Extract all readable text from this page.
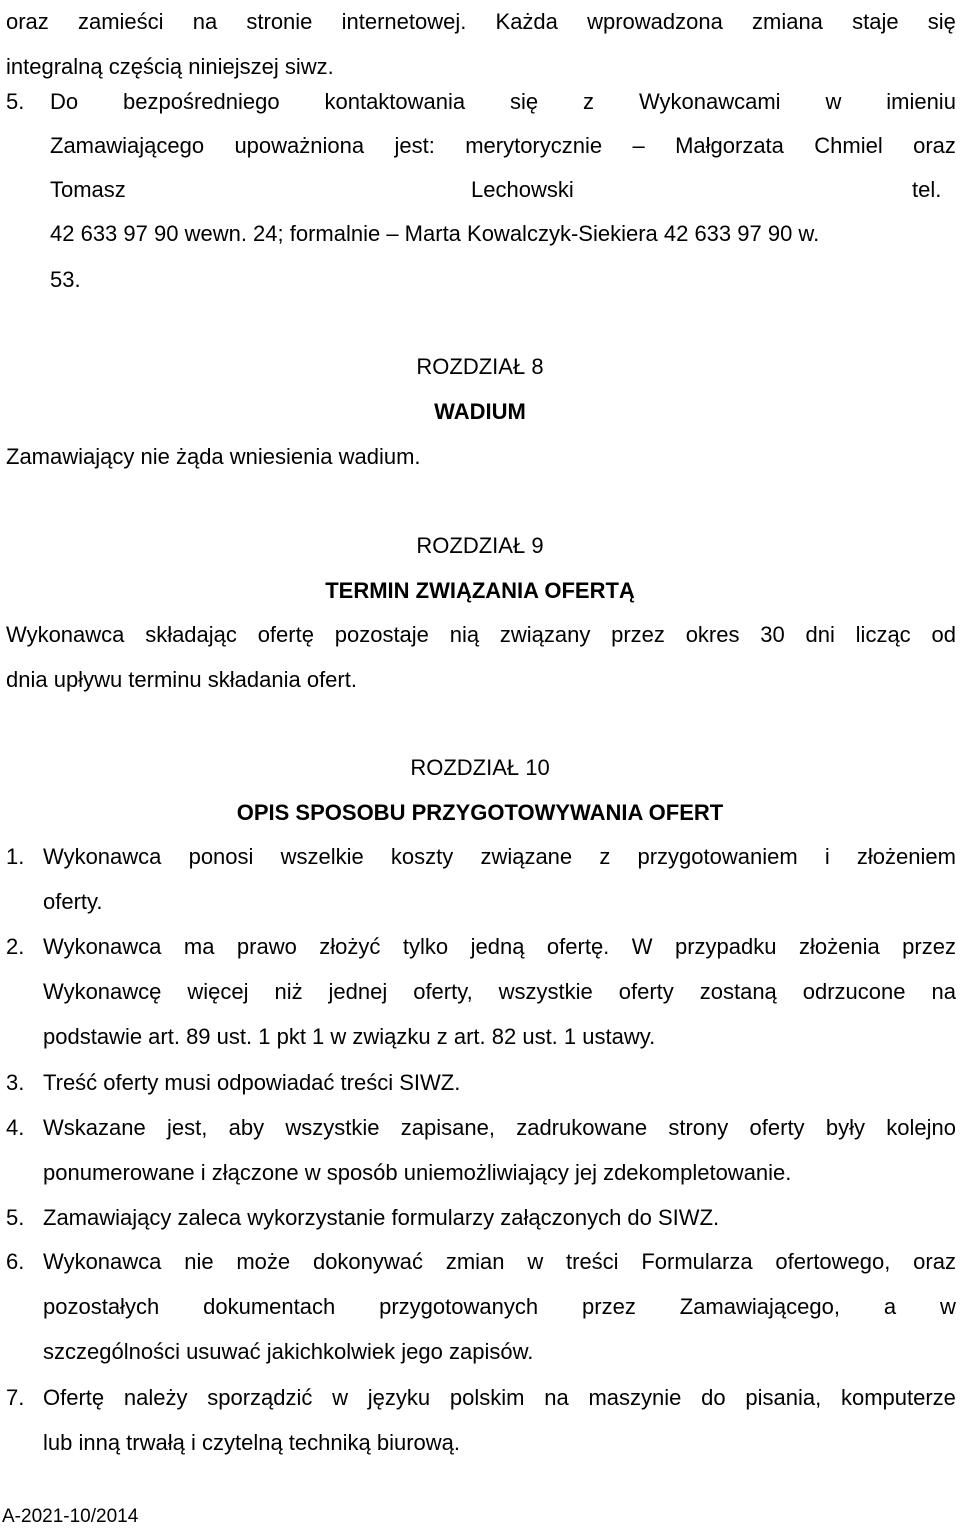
oraz zamieści na stronie internetowej. Każda wprowadzona zmiana staje się
integralną częścią niniejszej siwz.
5.	Do bezpośredniego kontaktowania się z Wykonawcami w imieniu
Zamawiającego upoważniona jest: merytorycznie – Małgorzata Chmiel oraz
Tomasz	Lechowski	tel.
42 633 97 90 wewn. 24; formalnie – Marta Kowalczyk-Siekiera 42 633 97 90 w.
53.
ROZDZIAŁ 8
WADIUM
Zamawiający nie żąda wniesienia wadium.
ROZDZIAŁ 9
TERMIN ZWIĄZANIA OFERTĄ
Wykonawca składając ofertę pozostaje nią związany przez okres 30 dni licząc od
dnia upływu terminu składania ofert.
ROZDZIAŁ 10
OPIS SPOSOBU PRZYGOTOWYWANIA OFERT
1. Wykonawca ponosi wszelkie koszty związane z przygotowaniem i złożeniem
oferty.
2. Wykonawca ma prawo złożyć tylko jedną ofertę. W przypadku złożenia przez
Wykonawcę więcej niż jednej oferty, wszystkie oferty zostaną odrzucone na
podstawie art. 89 ust. 1 pkt 1 w związku z art. 82 ust. 1 ustawy.
3. Treść oferty musi odpowiadać treści SIWZ.
4. Wskazane jest, aby wszystkie zapisane, zadrukowane strony oferty były kolejno
ponumerowane i złączone w sposób uniemożliwiający jej zdekompletowanie.
5. Zamawiający zaleca wykorzystanie formularzy załączonych do SIWZ.
6. Wykonawca nie może dokonywać zmian w treści Formularza ofertowego, oraz
pozostałych dokumentach przygotowanych przez Zamawiającego, a w
szczególności usuwać jakichkolwiek jego zapisów.
7. Ofertę należy sporządzić w języku polskim na maszynie do pisania, komputerze
lub inną trwałą i czytelną techniką biurową.
A-2021-10/2014
